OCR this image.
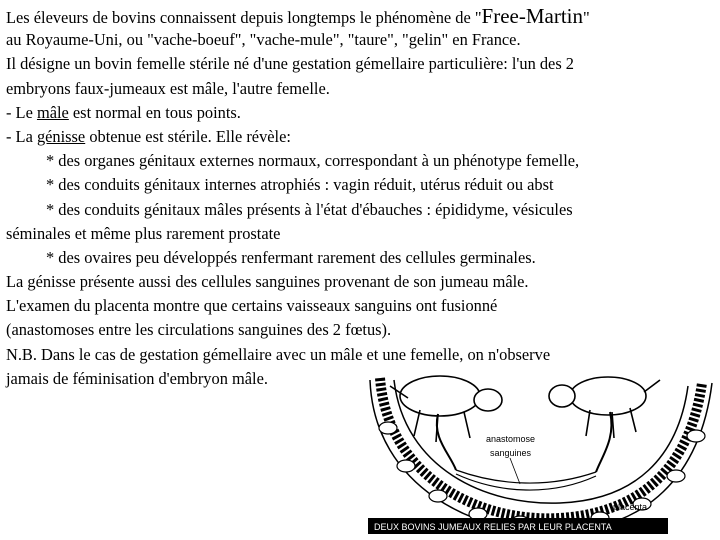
Les éleveurs de bovins connaissent depuis longtemps le phénomène de "Free-Martin"
au Royaume-Uni, ou "vache-boeuf", "vache-mule", "taure", "gelin" en France.
Il désigne un bovin femelle stérile né d'une gestation gémellaire particulière: l'un des 2
embryons faux-jumeaux est mâle, l'autre femelle.
- Le mâle est normal en tous points.
- La génisse obtenue est stérile. Elle révèle:
* des organes génitaux externes normaux, correspondant à un phénotype femelle,
* des conduits génitaux internes atrophiés : vagin réduit, utérus réduit ou abst
* des conduits génitaux mâles présents à l'état d'ébauches : épididyme, vésicules
séminales et même plus rarement prostate
* des ovaires peu développés renfermant rarement des cellules germinales.
La génisse présente aussi des cellules sanguines provenant de son jumeau mâle.
L'examen du placenta montre que certains vaisseaux sanguins ont fusionné
(anastomoses entre les circulations sanguines des 2 fœtus).
N.B. Dans le cas de gestation gémellaire avec un mâle et une femelle, on n'observe
jamais de féminisation d'embryon mâle.
anastomose
sanguines
placenta
DEUX BOVINS JUMEAUX RELIES PAR LEUR PLACENTA
